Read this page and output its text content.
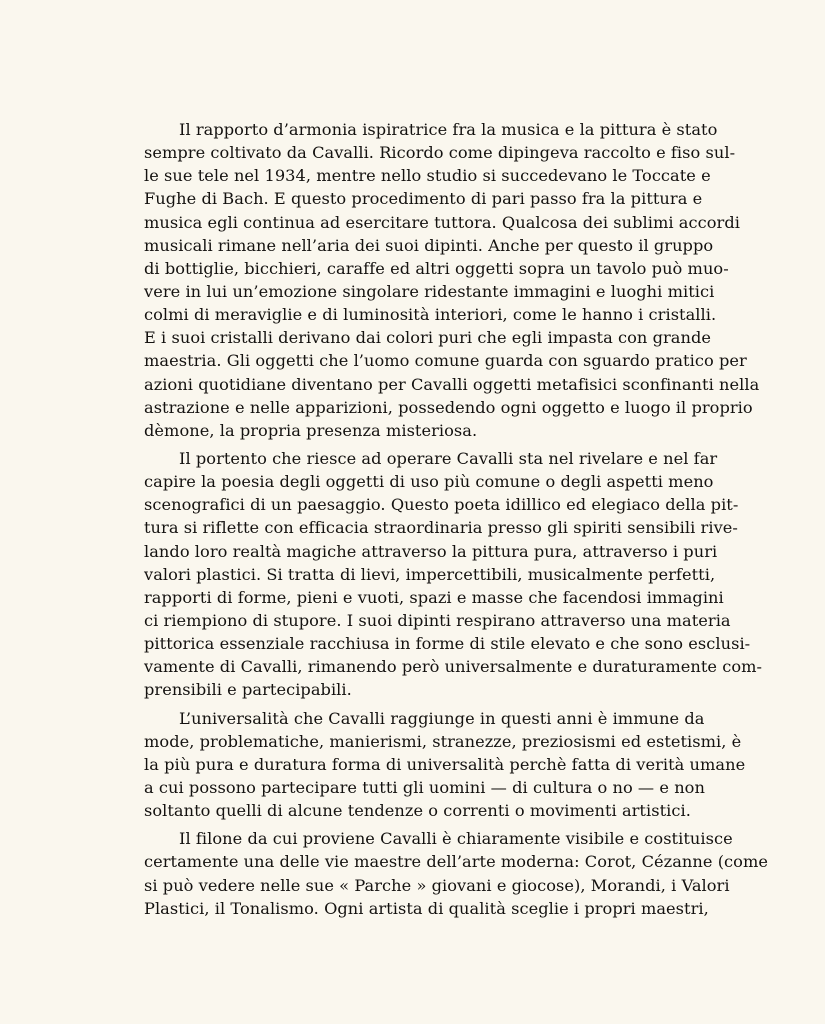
Il rapporto d’armonia ispiratrice fra la musica e la pittura è stato
sempre coltivato da Cavalli. Ricordo come dipingeva raccolto e fiso sul-
le sue tele nel 1934, mentre nello studio si succedevano le Toccate e
Fughe di Bach. E questo procedimento di pari passo fra la pittura e
musica egli continua ad esercitare tuttora. Qualcosa dei sublimi accordi
musicali rimane nell’aria dei suoi dipinti. Anche per questo il gruppo
di bottiglie, bicchieri, caraffe ed altri oggetti sopra un tavolo può muo-
vere in lui un’emozione singolare ridestante immagini e luoghi mitici
colmi di meraviglie e di luminosità interiori, come le hanno i cristalli.
E i suoi cristalli derivano dai colori puri che egli impasta con grande
maestria. Gli oggetti che l’uomo comune guarda con sguardo pratico per
azioni quotidiane diventano per Cavalli oggetti metafisici sconfinanti nella
astrazione e nelle apparizioni, possedendo ogni oggetto e luogo il proprio
dèmone, la propria presenza misteriosa.
Il portento che riesce ad operare Cavalli sta nel rivelare e nel far
capire la poesia degli oggetti di uso più comune o degli aspetti meno
scenografici di un paesaggio. Questo poeta idillico ed elegiaco della pit-
tura si riflette con efficacia straordinaria presso gli spiriti sensibili rive-
lando loro realtà magiche attraverso la pittura pura, attraverso i puri
valori plastici. Si tratta di lievi, impercettibili, musicalmente perfetti,
rapporti di forme, pieni e vuoti, spazi e masse che facendosi immagini
ci riempiono di stupore. I suoi dipinti respirano attraverso una materia
pittorica essenziale racchiusa in forme di stile elevato e che sono esclusi-
vamente di Cavalli, rimanendo però universalmente e duraturamente com-
prensibili e partecipabili.
L’universalità che Cavalli raggiunge in questi anni è immune da
mode, problematiche, manierismi, stranezze, preziosismi ed estetismi, è
la più pura e duratura forma di universalità perchè fatta di verità umane
a cui possono partecipare tutti gli uomini — di cultura o no — e non
soltanto quelli di alcune tendenze o correnti o movimenti artistici.
Il filone da cui proviene Cavalli è chiaramente visibile e costituisce
certamente una delle vie maestre dell’arte moderna: Corot, Cézanne (come
si può vedere nelle sue « Parche » giovani e giocose), Morandi, i Valori
Plastici, il Tonalismo. Ogni artista di qualità sceglie i propri maestri,
